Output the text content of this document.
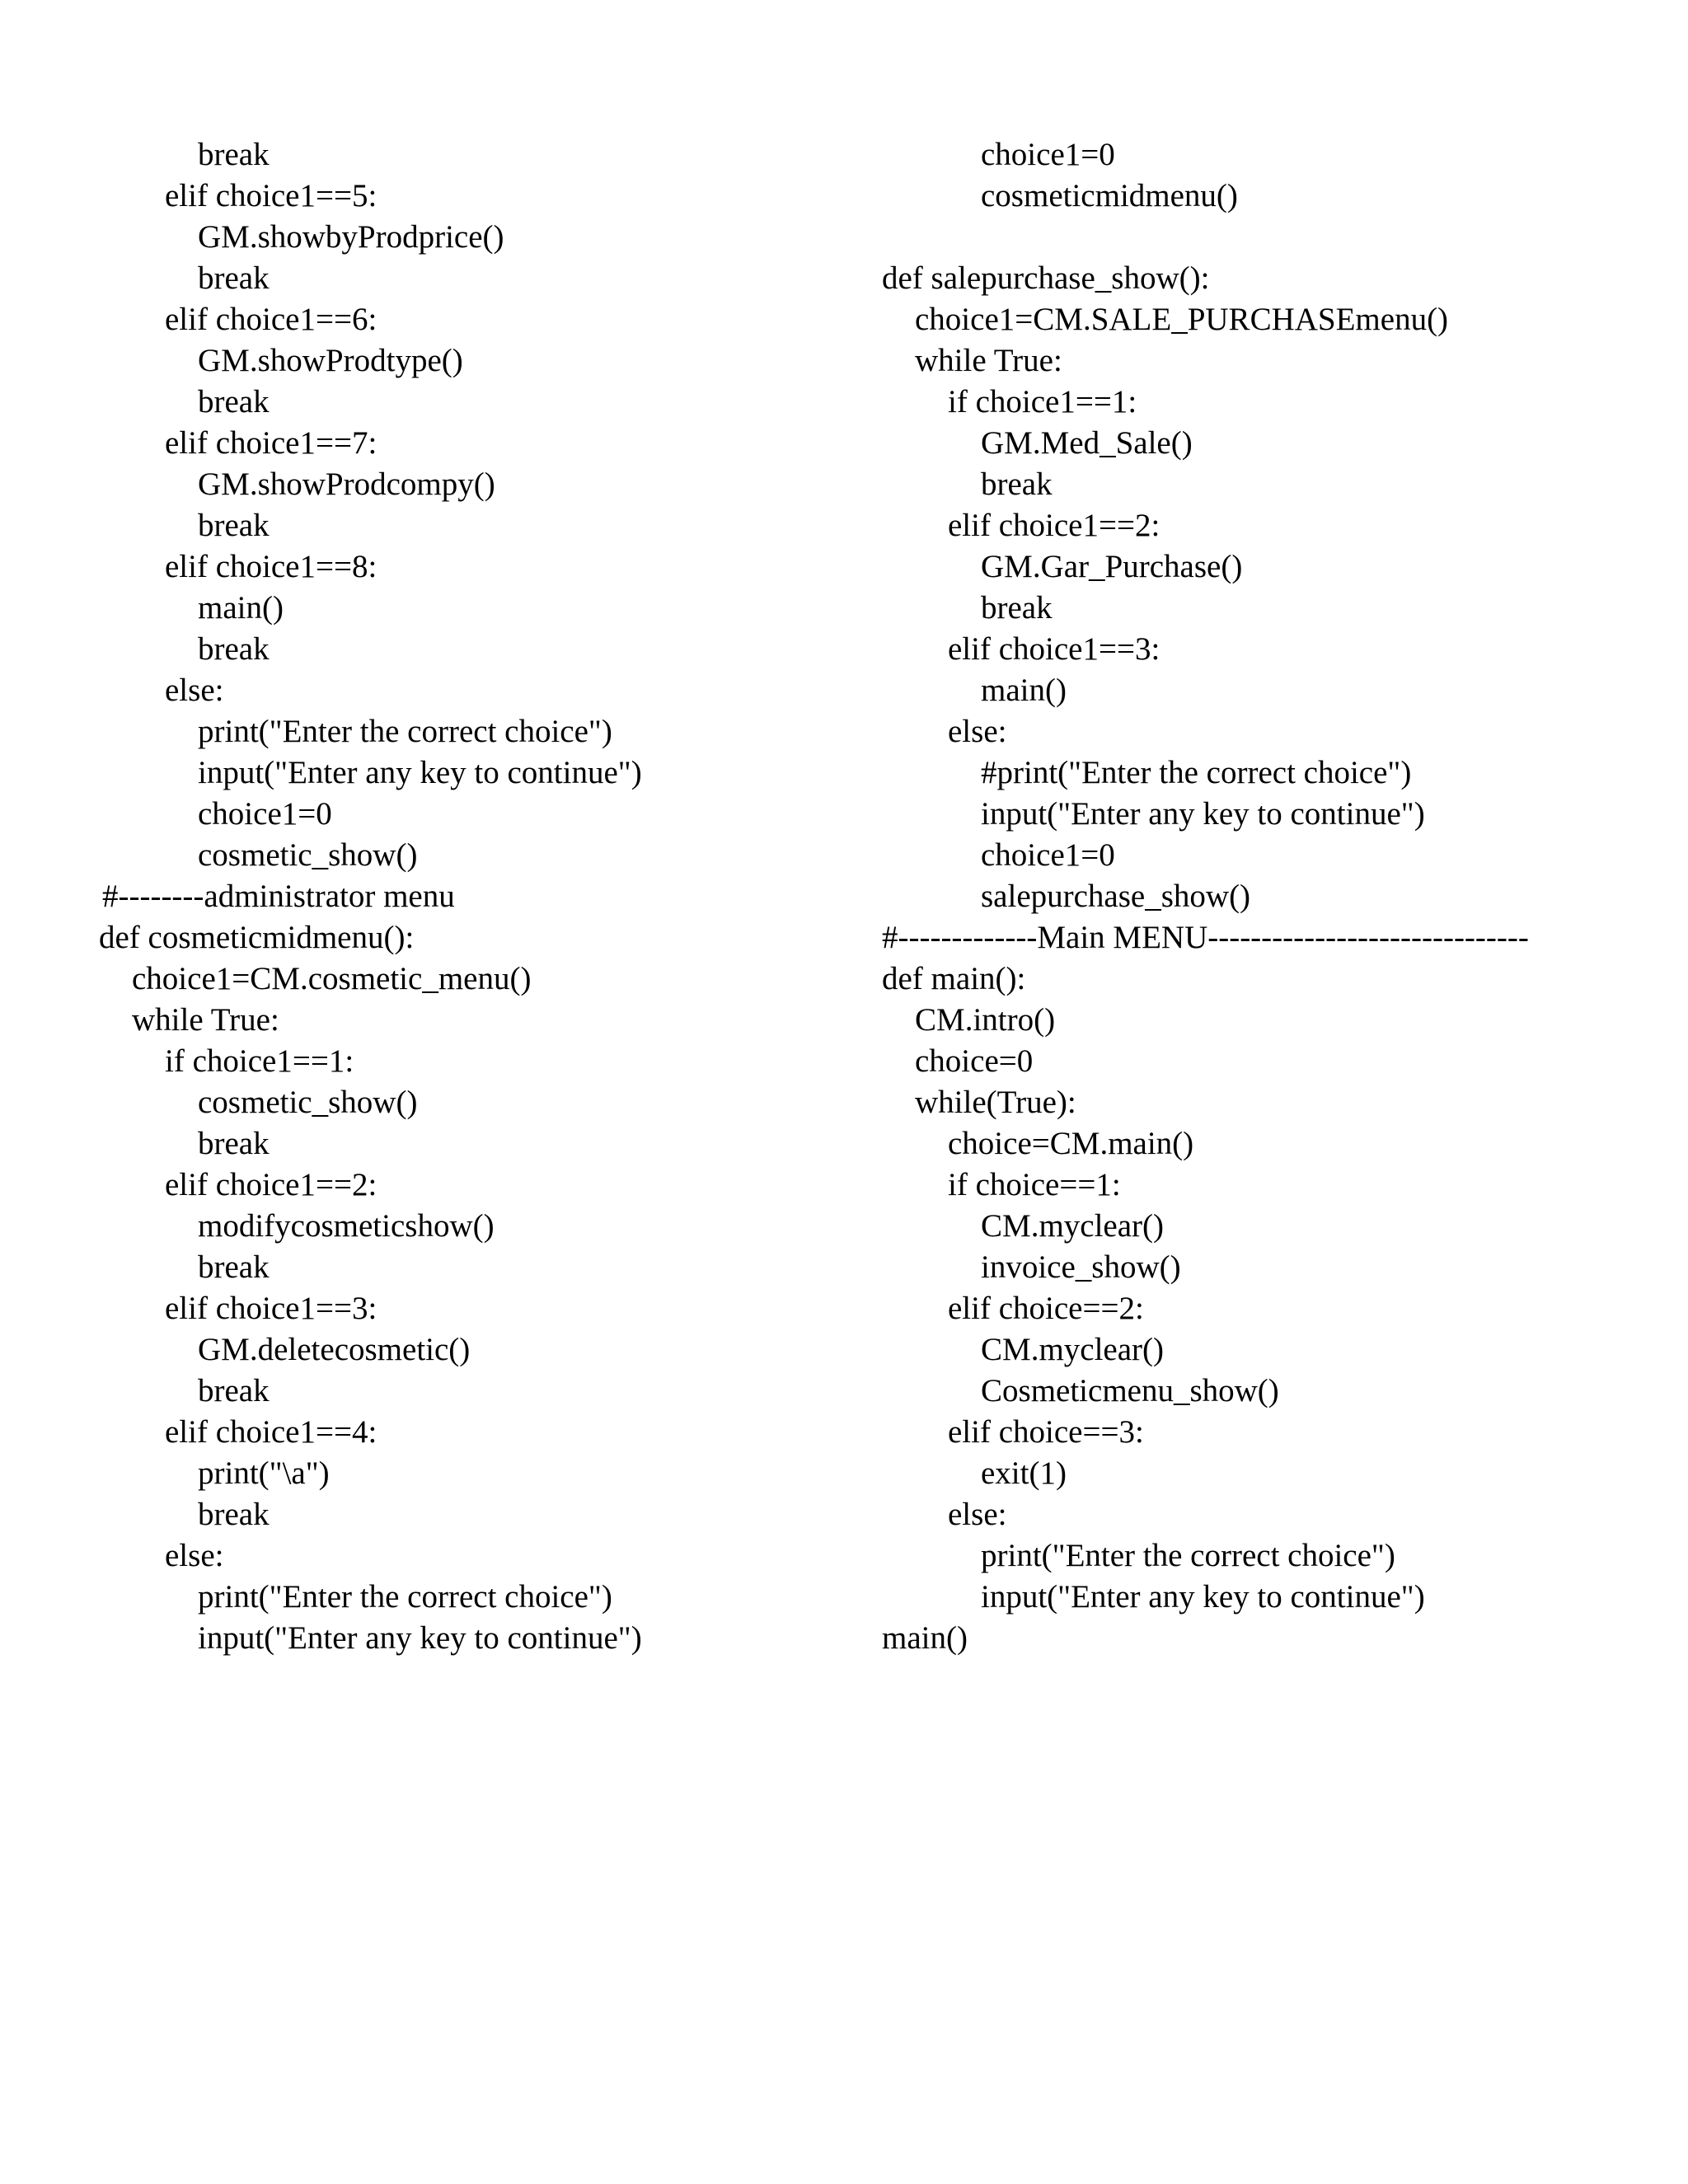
break
elif choice1==5:
GM.showbyProdprice()
break
elif choice1==6:
GM.showProdtype()
break
elif choice1==7:
GM.showProdcompy()
break
elif choice1==8:
main()
break
else:
print("Enter the correct choice")
input("Enter any key to continue")
choice1=0
cosmetic_show()
#--------administrator menu
def cosmeticmidmenu():
choice1=CM.cosmetic_menu()
while True:
if choice1==1:
cosmetic_show()
break
elif choice1==2:
modifycosmeticshow()
break
elif choice1==3:
GM.deletecosmetic()
break
elif choice1==4:
print("\a")
break
else:
print("Enter the correct choice")
input("Enter any key to continue")
choice1=0
cosmeticmidmenu()
def salepurchase_show():
choice1=CM.SALE_PURCHASEmenu()
while True:
if choice1==1:
GM.Med_Sale()
break
elif choice1==2:
GM.Gar_Purchase()
break
elif choice1==3:
main()
else:
#print("Enter the correct choice")
input("Enter any key to continue")
choice1=0
salepurchase_show()
#-------------Main MENU------------------------------
def main():
CM.intro()
choice=0
while(True):
choice=CM.main()
if choice==1:
CM.myclear()
invoice_show()
elif choice==2:
CM.myclear()
Cosmeticmenu_show()
elif choice==3:
exit(1)
else:
print("Enter the correct choice")
input("Enter any key to continue")
main()
